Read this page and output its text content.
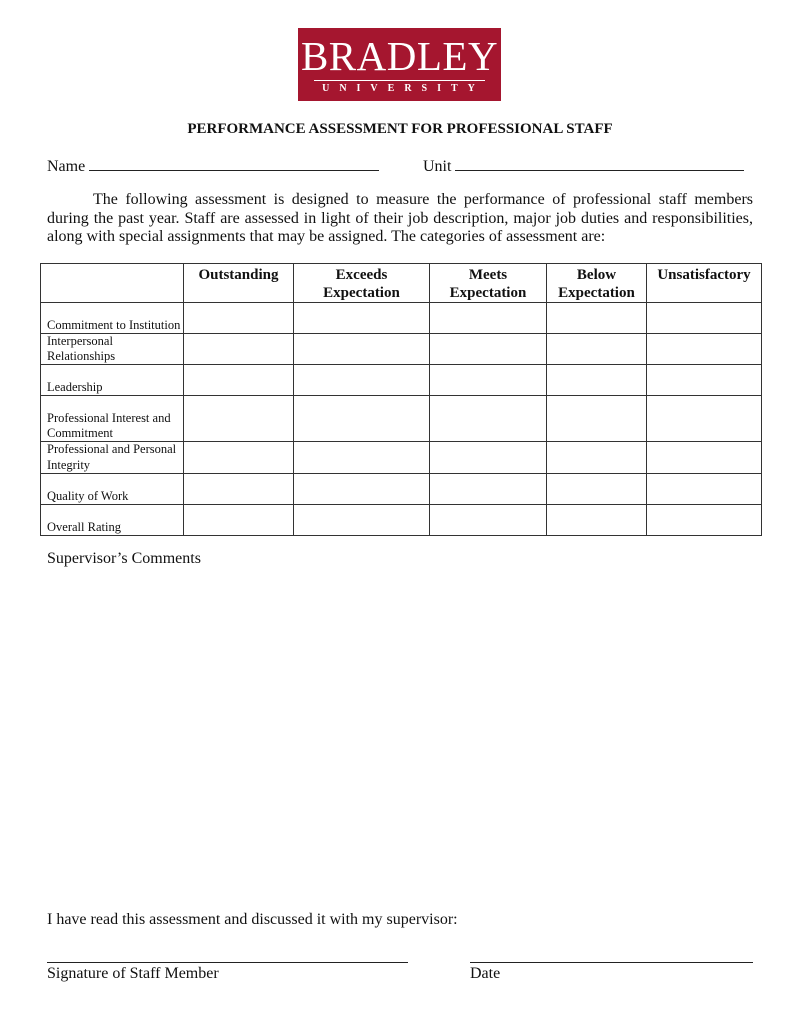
BRADLEY
UNIVERSITY
PERFORMANCE ASSESSMENT FOR PROFESSIONAL STAFF
Name	Unit

The following assessment is designed to measure the performance of professional staff members during the past year. Staff are assessed in light of their job description, major job duties and responsibilities, along with special assignments that may be assigned. The categories of assessment are:

	Outstanding	Exceeds Expectation	Meets Expectation	Below Expectation	Unsatisfactory
Commitment to Institution					
Interpersonal Relationships					
Leadership					
Professional Interest and Commitment					
Professional and Personal Integrity					
Quality of Work					
Overall Rating					
Supervisor’s Comments
I have read this assessment and discussed it with my supervisor:
Signature of Staff Member	Date
